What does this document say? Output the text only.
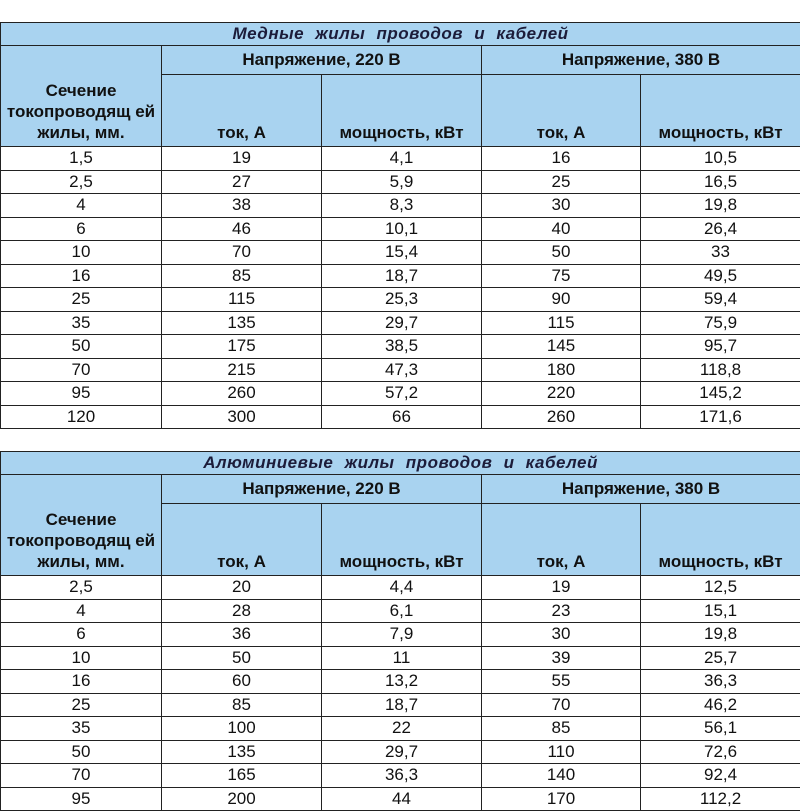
Медные жилы проводов и кабелей				
Сечение токопроводящ ей жилы, мм.	Напряжение, 220 В		Напряжение, 380 В	
	ток, А	мощность, кВт	ток, А	мощность, кВт
1,5	19	4,1	16	10,5
2,5	27	5,9	25	16,5
4	38	8,3	30	19,8
6	46	10,1	40	26,4
10	70	15,4	50	33
16	85	18,7	75	49,5
25	115	25,3	90	59,4
35	135	29,7	115	75,9
50	175	38,5	145	95,7
70	215	47,3	180	118,8
95	260	57,2	220	145,2
120	300	66	260	171,6
Алюминиевые жилы проводов и кабелей				
Сечение токопроводящ ей жилы, мм.	Напряжение, 220 В		Напряжение, 380 В	
	ток, А	мощность, кВт	ток, А	мощность, кВт
2,5	20	4,4	19	12,5
4	28	6,1	23	15,1
6	36	7,9	30	19,8
10	50	11	39	25,7
16	60	13,2	55	36,3
25	85	18,7	70	46,2
35	100	22	85	56,1
50	135	29,7	110	72,6
70	165	36,3	140	92,4
95	200	44	170	112,2
